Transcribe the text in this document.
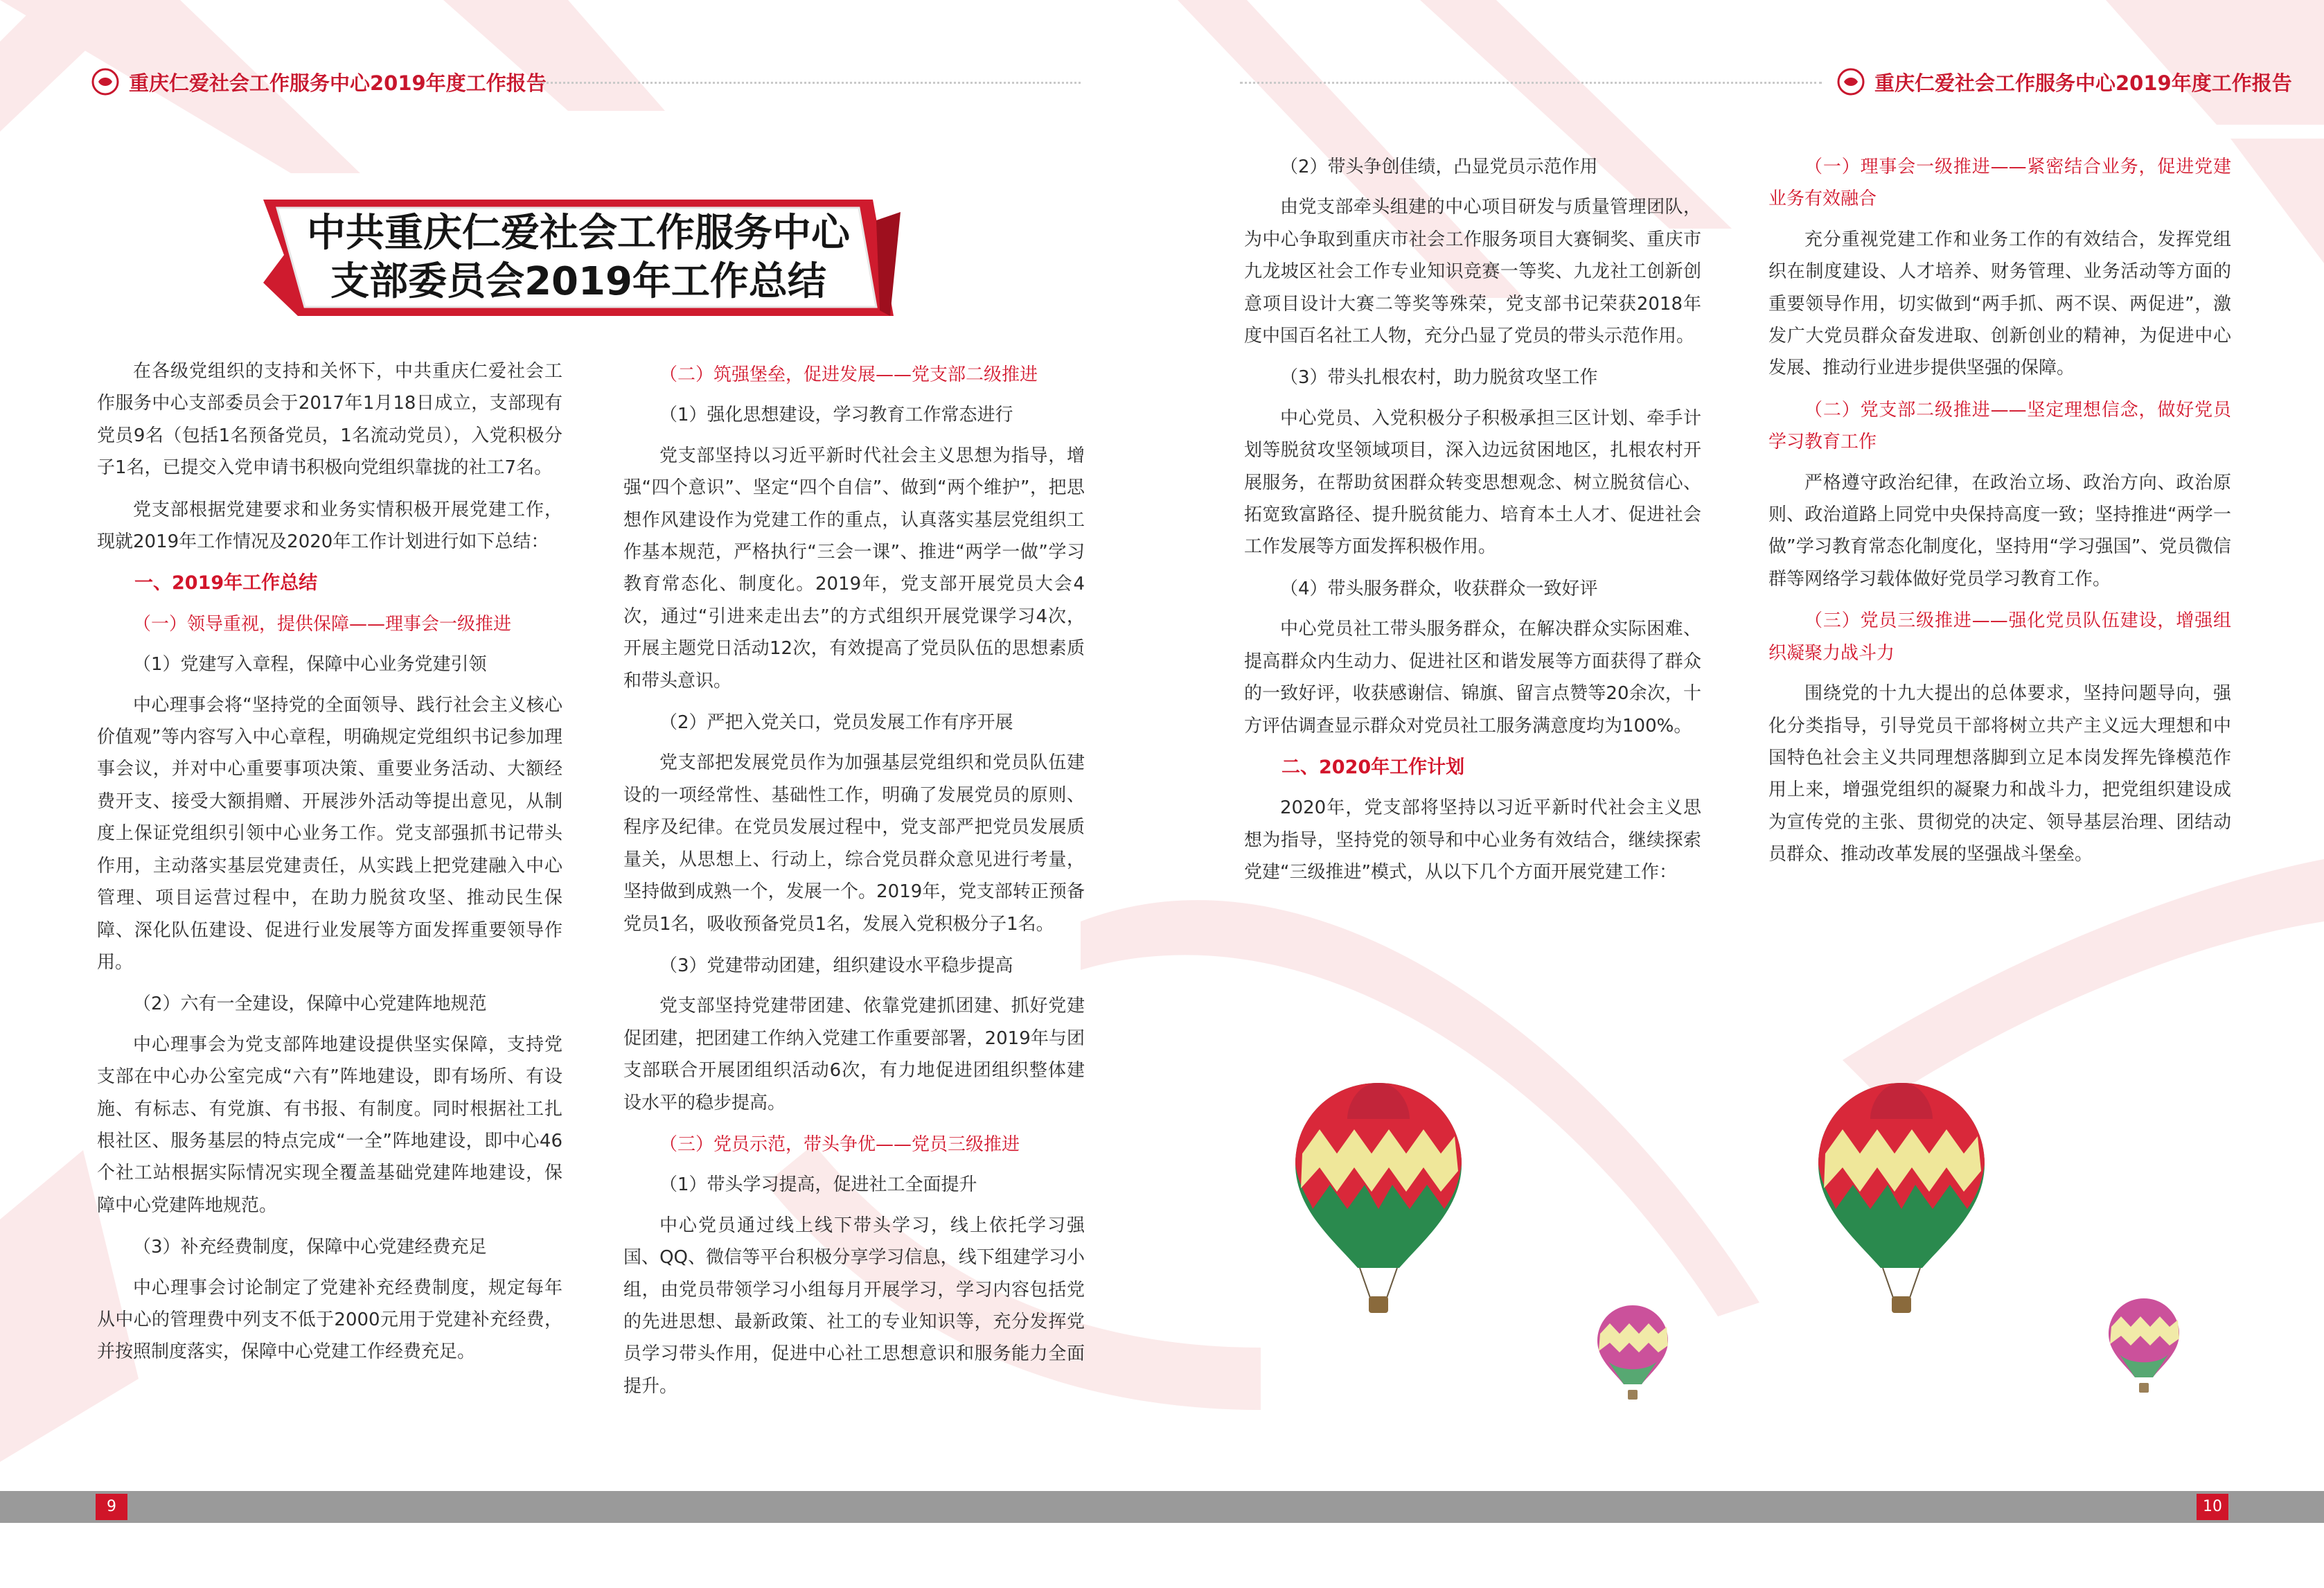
重庆仁爱社会工作服务中心2019年度工作报告	重庆仁爱社会工作服务中心2019年度工作报告
中共重庆仁爱社会工作服务中心
支部委员会2019年工作总结

在各级党组织的支持和关怀下，中共重庆仁爱社会工作服务中心支部委员会于2017年1月18日成立，支部现有党员9名（包括1名预备党员，1名流动党员），入党积极分子1名，已提交入党申请书积极向党组织靠拢的社工7名。

党支部根据党建要求和业务实情积极开展党建工作，现就2019年工作情况及2020年工作计划进行如下总结：

一、2019年工作总结
（一）领导重视，提供保障——理事会一级推进
（1）党建写入章程，保障中心业务党建引领

中心理事会将“坚持党的全面领导、践行社会主义核心价值观”等内容写入中心章程，明确规定党组织书记参加理事会议，并对中心重要事项决策、重要业务活动、大额经费开支、接受大额捐赠、开展涉外活动等提出意见，从制度上保证党组织引领中心业务工作。党支部强抓书记带头作用，主动落实基层党建责任，从实践上把党建融入中心管理、项目运营过程中，在助力脱贫攻坚、推动民生保障、深化队伍建设、促进行业发展等方面发挥重要领导作用。

（2）六有一全建设，保障中心党建阵地规范

中心理事会为党支部阵地建设提供坚实保障，支持党支部在中心办公室完成“六有”阵地建设，即有场所、有设施、有标志、有党旗、有书报、有制度。同时根据社工扎根社区、服务基层的特点完成“一全”阵地建设，即中心46个社工站根据实际情况实现全覆盖基础党建阵地建设，保障中心党建阵地规范。

（3）补充经费制度，保障中心党建经费充足

中心理事会讨论制定了党建补充经费制度，规定每年从中心的管理费中列支不低于2000元用于党建补充经费，并按照制度落实，保障中心党建工作经费充足。

（二）筑强堡垒，促进发展——党支部二级推进
（1）强化思想建设，学习教育工作常态进行

党支部坚持以习近平新时代社会主义思想为指导，增强“四个意识”、坚定“四个自信”、做到“两个维护”，把思想作风建设作为党建工作的重点，认真落实基层党组织工作基本规范，严格执行“三会一课”、推进“两学一做”学习教育常态化、制度化。2019年，党支部开展党员大会4次，通过“引进来走出去”的方式组织开展党课学习4次，开展主题党日活动12次，有效提高了党员队伍的思想素质和带头意识。

（2）严把入党关口，党员发展工作有序开展

党支部把发展党员作为加强基层党组织和党员队伍建设的一项经常性、基础性工作，明确了发展党员的原则、程序及纪律。在党员发展过程中，党支部严把党员发展质量关，从思想上、行动上，综合党员群众意见进行考量，坚持做到成熟一个，发展一个。2019年，党支部转正预备党员1名，吸收预备党员1名，发展入党积极分子1名。

（3）党建带动团建，组织建设水平稳步提高

党支部坚持党建带团建、依靠党建抓团建、抓好党建促团建，把团建工作纳入党建工作重要部署，2019年与团支部联合开展团组织活动6次，有力地促进团组织整体建设水平的稳步提高。

（三）党员示范，带头争优——党员三级推进
（1）带头学习提高，促进社工全面提升

中心党员通过线上线下带头学习，线上依托学习强国、QQ、微信等平台积极分享学习信息，线下组建学习小组，由党员带领学习小组每月开展学习，学习内容包括党的先进思想、最新政策、社工的专业知识等，充分发挥党员学习带头作用，促进中心社工思想意识和服务能力全面提升。

（2）带头争创佳绩，凸显党员示范作用

由党支部牵头组建的中心项目研发与质量管理团队，为中心争取到重庆市社会工作服务项目大赛铜奖、重庆市九龙坡区社会工作专业知识竞赛一等奖、九龙社工创新创意项目设计大赛二等奖等殊荣，党支部书记荣获2018年度中国百名社工人物，充分凸显了党员的带头示范作用。

（3）带头扎根农村，助力脱贫攻坚工作

中心党员、入党积极分子积极承担三区计划、牵手计划等脱贫攻坚领域项目，深入边远贫困地区，扎根农村开展服务，在帮助贫困群众转变思想观念、树立脱贫信心、拓宽致富路径、提升脱贫能力、培育本土人才、促进社会工作发展等方面发挥积极作用。

（4）带头服务群众，收获群众一致好评

中心党员社工带头服务群众，在解决群众实际困难、提高群众内生动力、促进社区和谐发展等方面获得了群众的一致好评，收获感谢信、锦旗、留言点赞等20余次，十方评估调查显示群众对党员社工服务满意度均为100%。

二、2020年工作计划

2020年，党支部将坚持以习近平新时代社会主义思想为指导，坚持党的领导和中心业务有效结合，继续探索党建“三级推进”模式，从以下几个方面开展党建工作：

（一）理事会一级推进——紧密结合业务，促进党建业务有效融合

充分重视党建工作和业务工作的有效结合，发挥党组织在制度建设、人才培养、财务管理、业务活动等方面的重要领导作用，切实做到“两手抓、两不误、两促进”，激发广大党员群众奋发进取、创新创业的精神，为促进中心发展、推动行业进步提供坚强的保障。

（二）党支部二级推进——坚定理想信念，做好党员学习教育工作

严格遵守政治纪律，在政治立场、政治方向、政治原则、政治道路上同党中央保持高度一致；坚持推进“两学一做”学习教育常态化制度化，坚持用“学习强国”、党员微信群等网络学习载体做好党员学习教育工作。

（三）党员三级推进——强化党员队伍建设，增强组织凝聚力战斗力

围绕党的十九大提出的总体要求，坚持问题导向，强化分类指导，引导党员干部将树立共产主义远大理想和中国特色社会主义共同理想落脚到立足本岗发挥先锋模范作用上来，增强党组织的凝聚力和战斗力，把党组织建设成为宣传党的主张、贯彻党的决定、领导基层治理、团结动员群众、推动改革发展的坚强战斗堡垒。

9	10
